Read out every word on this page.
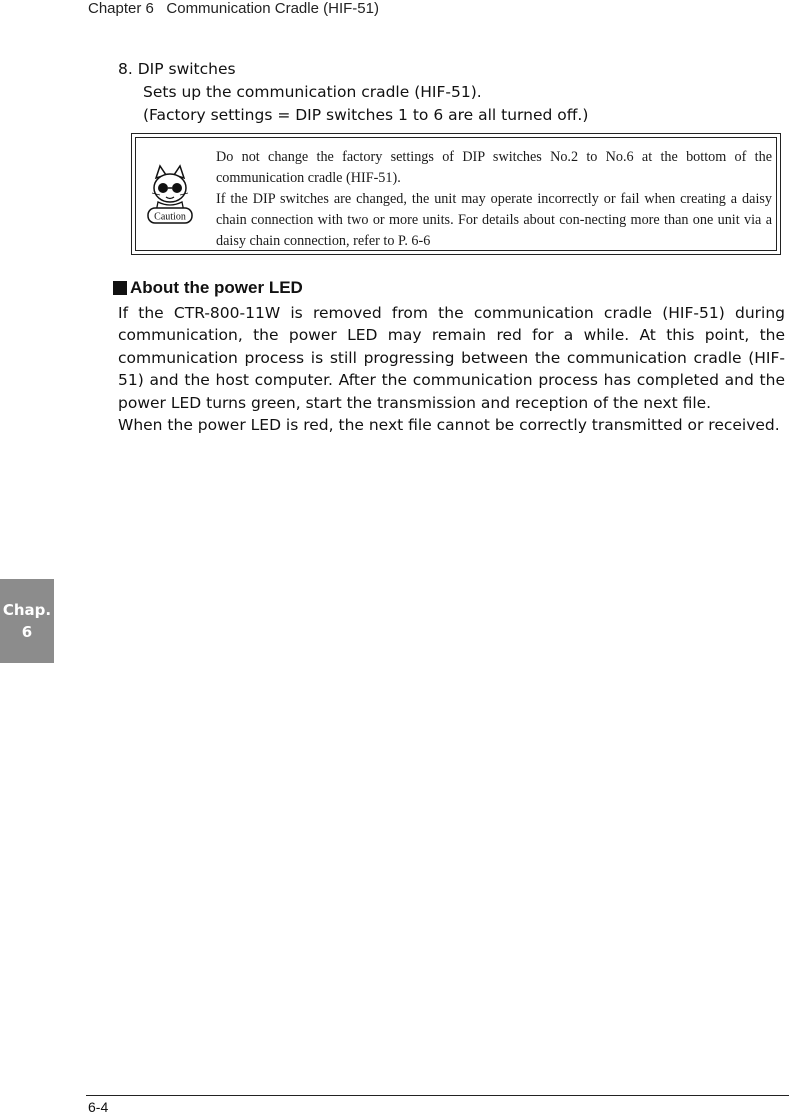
Chapter 6 Communication Cradle (HIF-51)
8. DIP switches
Sets up the communication cradle (HIF-51).
(Factory settings = DIP switches 1 to 6 are all turned off.)
Caution

Do not change the factory settings of DIP switches No.2 to No.6 at the bottom of the communication cradle (HIF-51).

If the DIP switches are changed, the unit may operate incorrectly or fail when creating a daisy chain connection with two or more units. For details about con-necting more than one unit via a daisy chain connection, refer to P. 6-6

About the power LED

If the CTR-800-11W is removed from the communication cradle (HIF-51) during communication, the power LED may remain red for a while. At this point, the communication process is still progressing between the communication cradle (HIF-51) and the host computer. After the communication process has completed and the power LED turns green, start the transmission and reception of the next file.

When the power LED is red, the next file cannot be correctly transmitted or received.

Chap.
6
6-4
